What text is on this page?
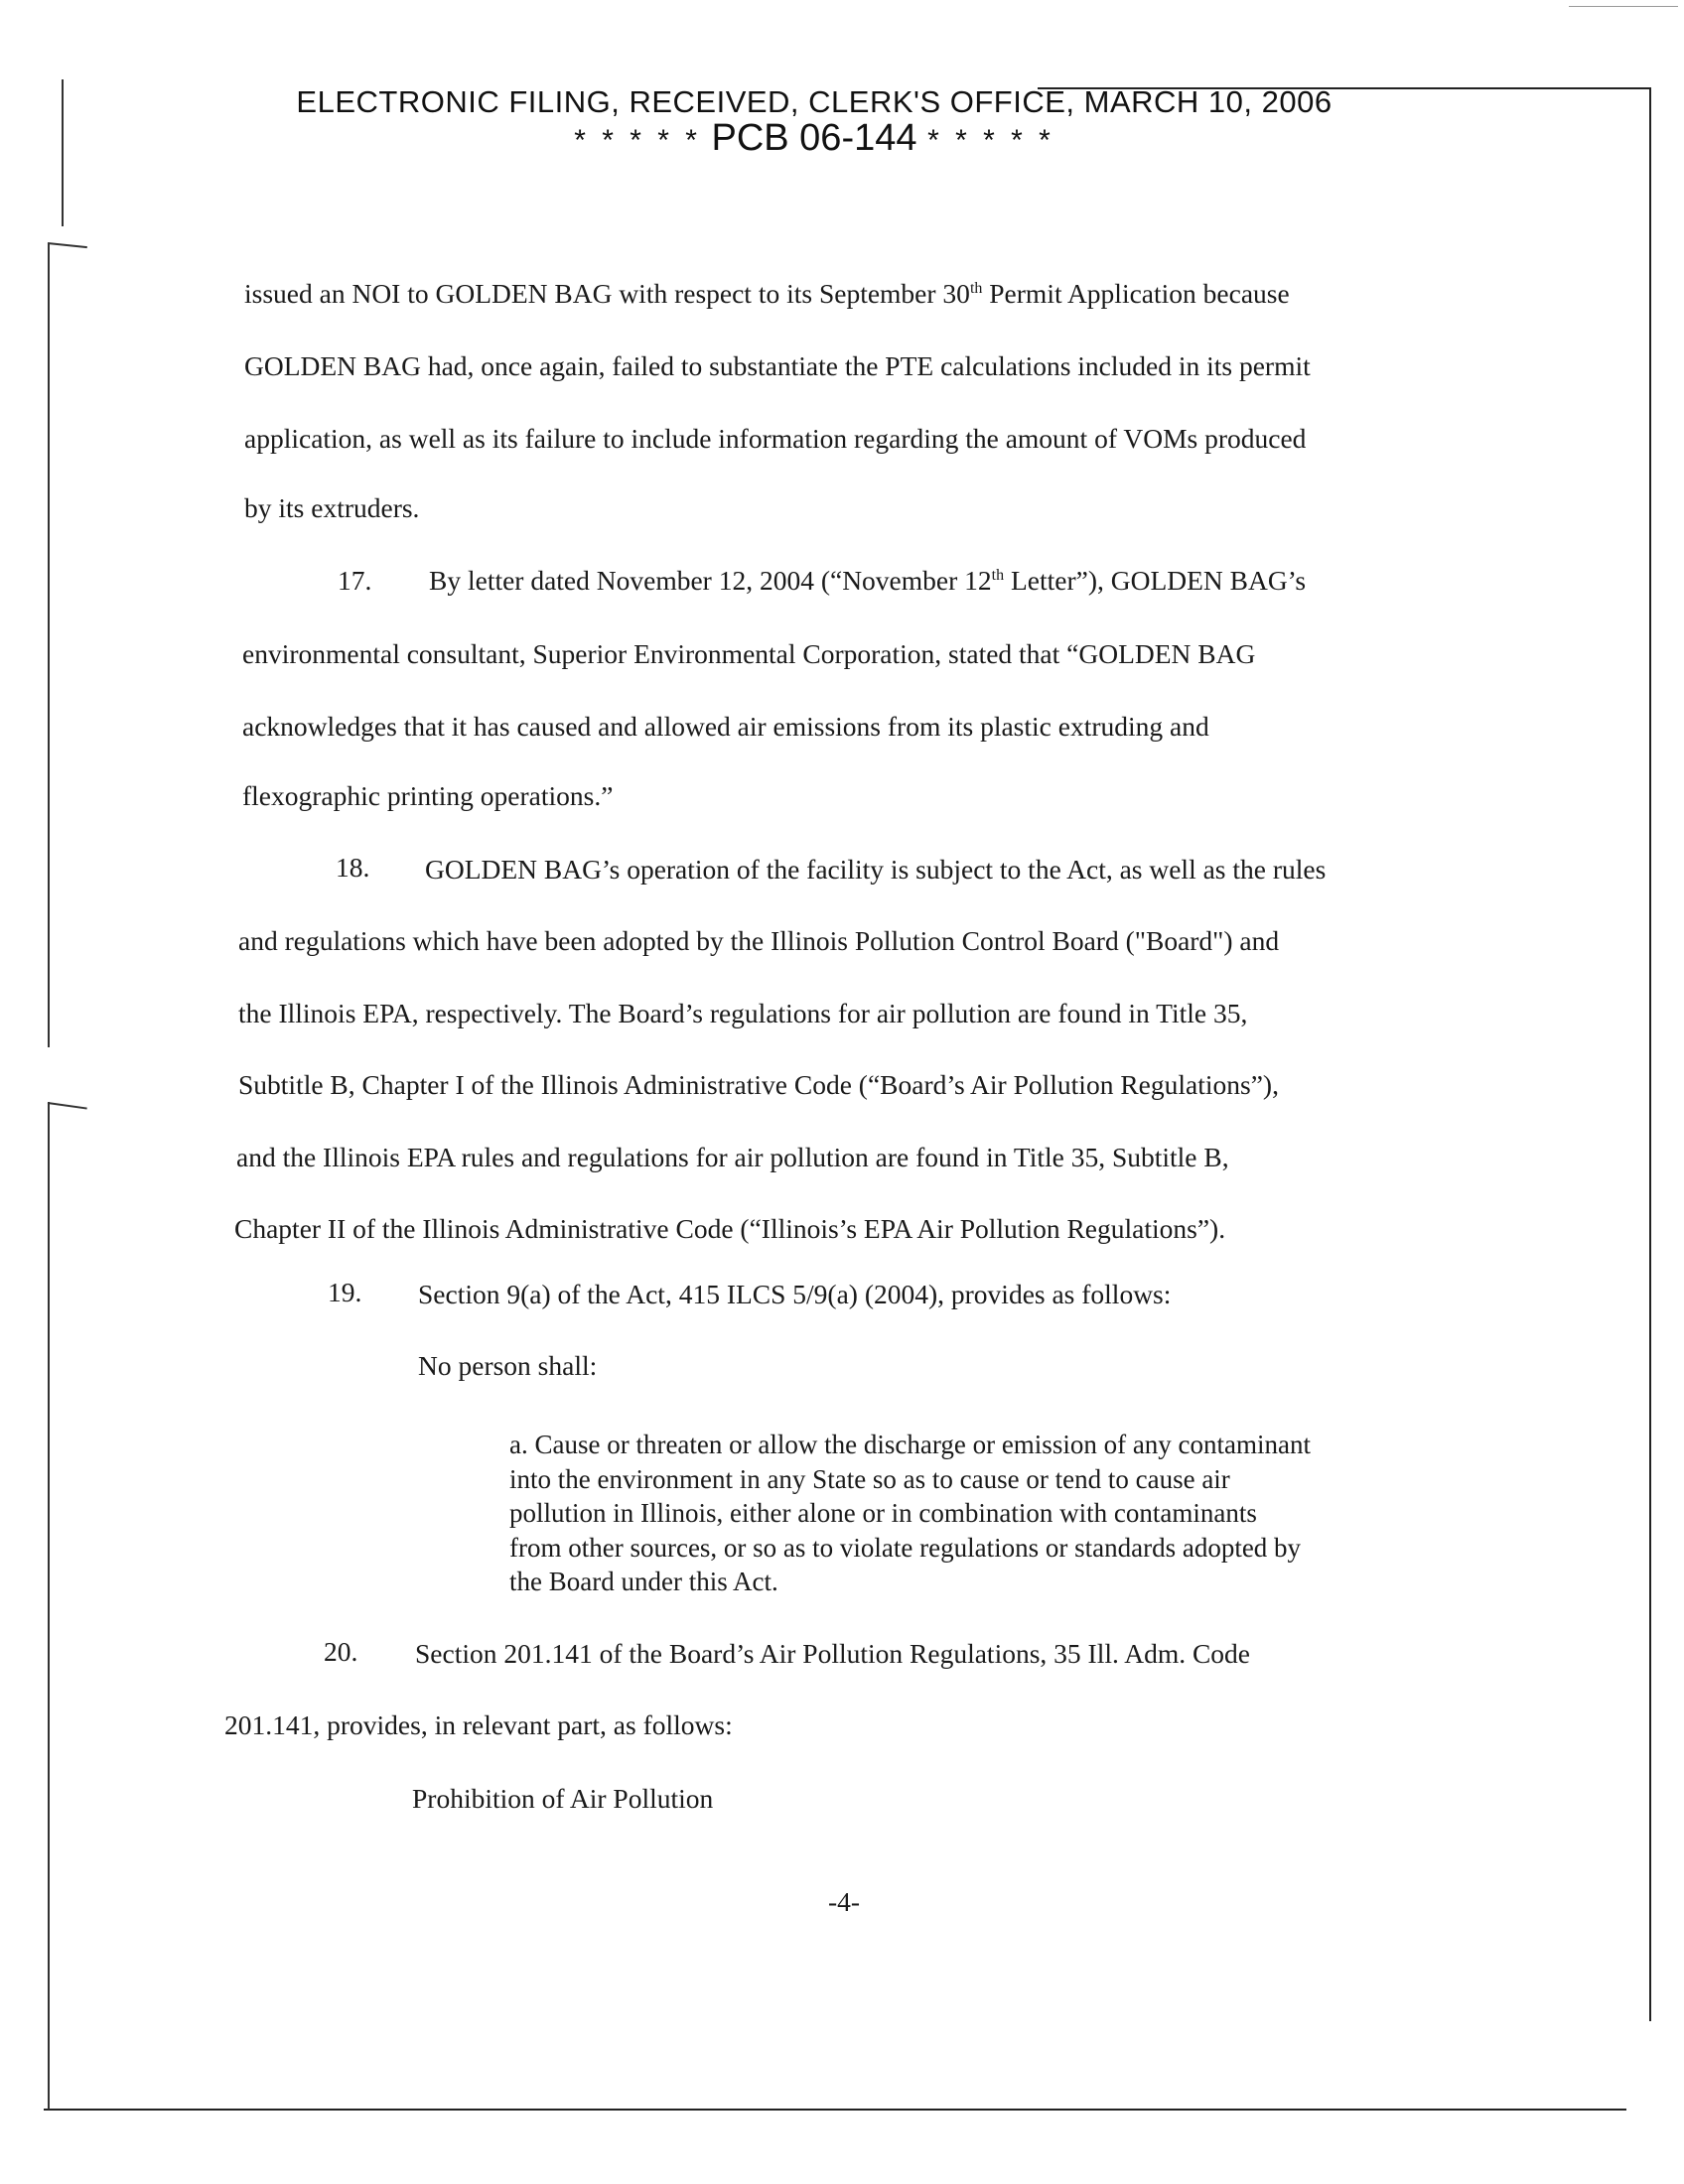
ELECTRONIC FILING, RECEIVED, CLERK'S OFFICE, MARCH 10, 2006
* * * * * PCB 06-144 * * * * *
issued an NOI to GOLDEN BAG with respect to its September 30th Permit Application because
GOLDEN BAG had, once again, failed to substantiate the PTE calculations included in its permit
application, as well as its failure to include information regarding the amount of VOMs produced
by its extruders.
17. By letter dated November 12, 2004 (“November 12th Letter”), GOLDEN BAG’s
environmental consultant, Superior Environmental Corporation, stated that “GOLDEN BAG
acknowledges that it has caused and allowed air emissions from its plastic extruding and
flexographic printing operations.”
18. GOLDEN BAG’s operation of the facility is subject to the Act, as well as the rules
and regulations which have been adopted by the Illinois Pollution Control Board ("Board") and
the Illinois EPA, respectively. The Board’s regulations for air pollution are found in Title 35,
Subtitle B, Chapter I of the Illinois Administrative Code (“Board’s Air Pollution Regulations”),
and the Illinois EPA rules and regulations for air pollution are found in Title 35, Subtitle B,
Chapter II of the Illinois Administrative Code (“Illinois’s EPA Air Pollution Regulations”).
19. Section 9(a) of the Act, 415 ILCS 5/9(a) (2004), provides as follows:
No person shall:
a. Cause or threaten or allow the discharge or emission of any contaminant
into the environment in any State so as to cause or tend to cause air
pollution in Illinois, either alone or in combination with contaminants
from other sources, or so as to violate regulations or standards adopted by
the Board under this Act.
20. Section 201.141 of the Board’s Air Pollution Regulations, 35 Ill. Adm. Code
201.141, provides, in relevant part, as follows:
Prohibition of Air Pollution
-4-
